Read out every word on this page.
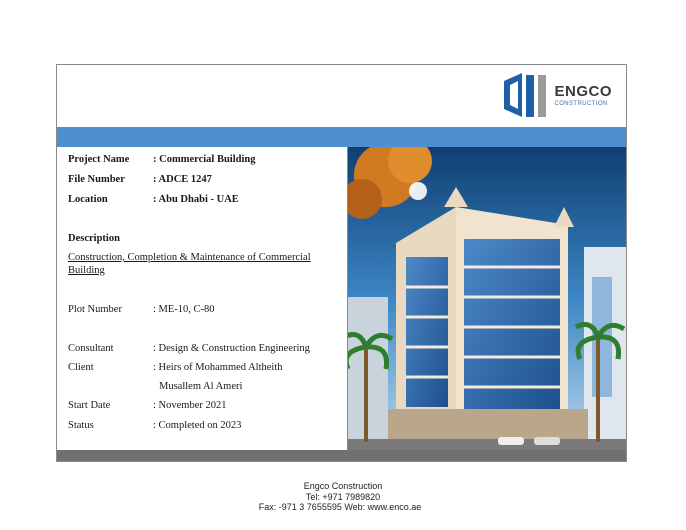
ENGCO
CONSTRUCTION
Project Name	: Commercial Building
File Number	: ADCE 1247
Location	: Abu Dhabi - UAE
Description
Construction, Completion & Maintenance of Commercial Building
Plot Number	: ME-10, C-80
Consultant	: Design & Construction Engineering
Client	: Heirs of Mohammed Altheith
Musallem Al Ameri
Start Date	: November 2021
Status	: Completed on 2023
Engco Construction
Tel: +971 7989820
Fax: -971 3 7655595 Web: www.enco.ae
